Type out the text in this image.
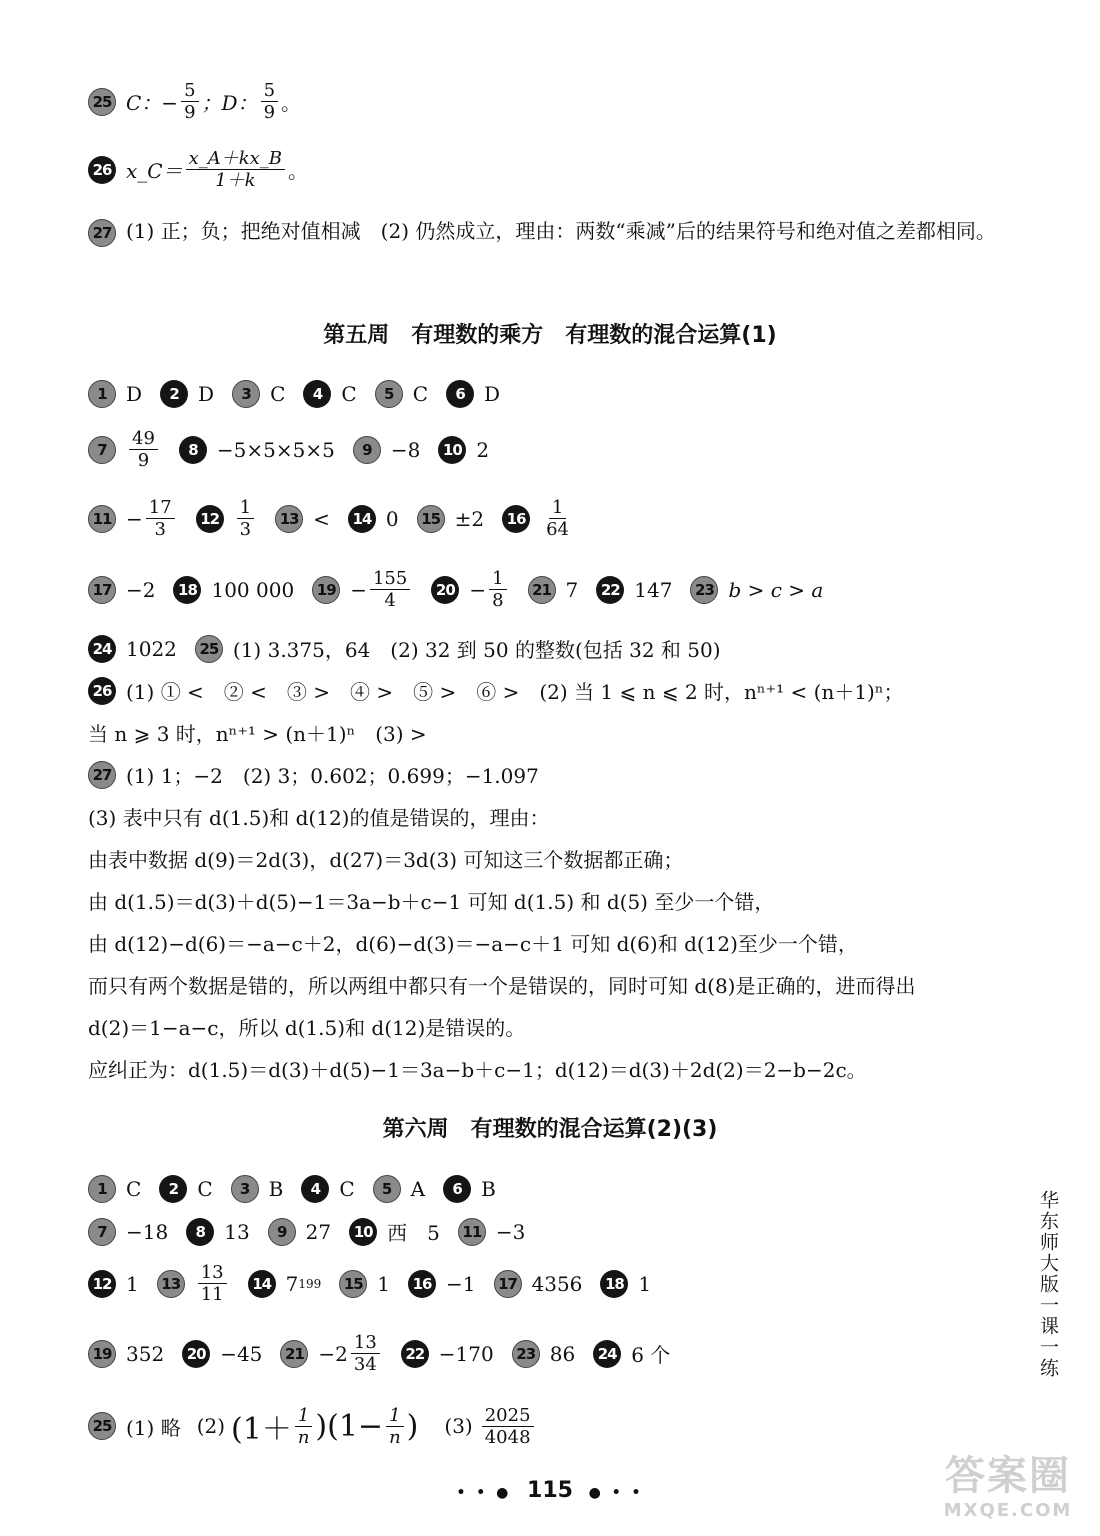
25 C：− $\frac{5}{9}$ ；D： $\frac{5}{9}$ 。
26 x_C＝ $\frac{x\_A+kx\_B}{1+k}$ 。
27 (1) 正；负；把绝对值相减　(2) 仍然成立，理由：两数“乘减”后的结果符号和绝对值之差都相同。
第五周　有理数的乘方　有理数的混合运算(1)
1 D	2 D	3 C	4 C	5 C	6 D
7	$\frac{49}{9}$	8 −5×5×5×5	9 −8	10 2
$11 - \frac{17}{3}$	$12 \frac{1}{3}$	13 <	14 0	15 ±2	$16 \frac{1}{64}$
17 −2	18 100 000	$19 - \frac{155}{4}$	$20 - \frac{1}{8}$	21 7	22 147	23 b > c > a
24 1022	25 (1) 3.375，64　(2) 32 到 50 的整数(包括 32 和 50)
26 (1) ① <　② <　③ >　④ >　⑤ >　⑥ >　(2) 当 1 ⩽ n ⩽ 2 时，nⁿ⁺¹ < (n＋1)ⁿ；
当 n ⩾ 3 时，nⁿ⁺¹ > (n＋1)ⁿ　(3) >
27 (1) 1；−2　(2) 3；0.602；0.699；−1.097
(3) 表中只有 d(1.5)和 d(12)的值是错误的，理由：
由表中数据 d(9)＝2d(3)，d(27)＝3d(3) 可知这三个数据都正确；
由 d(1.5)＝d(3)＋d(5)−1＝3a−b＋c−1 可知 d(1.5) 和 d(5) 至少一个错，
由 d(12)−d(6)＝−a−c＋2，d(6)−d(3)＝−a−c＋1 可知 d(6)和 d(12)至少一个错，
而只有两个数据是错的，所以两组中都只有一个是错误的，同时可知 d(8)是正确的，进而得出
d(2)＝1−a−c，所以 d(1.5)和 d(12)是错误的。
应纠正为：d(1.5)＝d(3)＋d(5)−1＝3a−b＋c−1；d(12)＝d(3)＋2d(2)＝2−b−2c。
第六周　有理数的混合运算(2)(3)
1 C	2 C	3 B	4 C	5 A	6 B
7 −18	8 13	9 27	10 西　5	11 −3
12 1	$13 \frac{13}{11}$	14 7 199	15 1	16 −1	17 4356	18 1
19 352	20 −45	$21 -2 \frac{13}{34}$	22 −170	23 86	24 6 个
25 (1) 略 (2) ($1+ \frac{1}{n}$ ) ($1- \frac{1}{n}$ ) $(3) \frac{2025}{4048}$
华东师大版一课一练
• • ● 115 ● • •	答案圈
MXQE.COM
